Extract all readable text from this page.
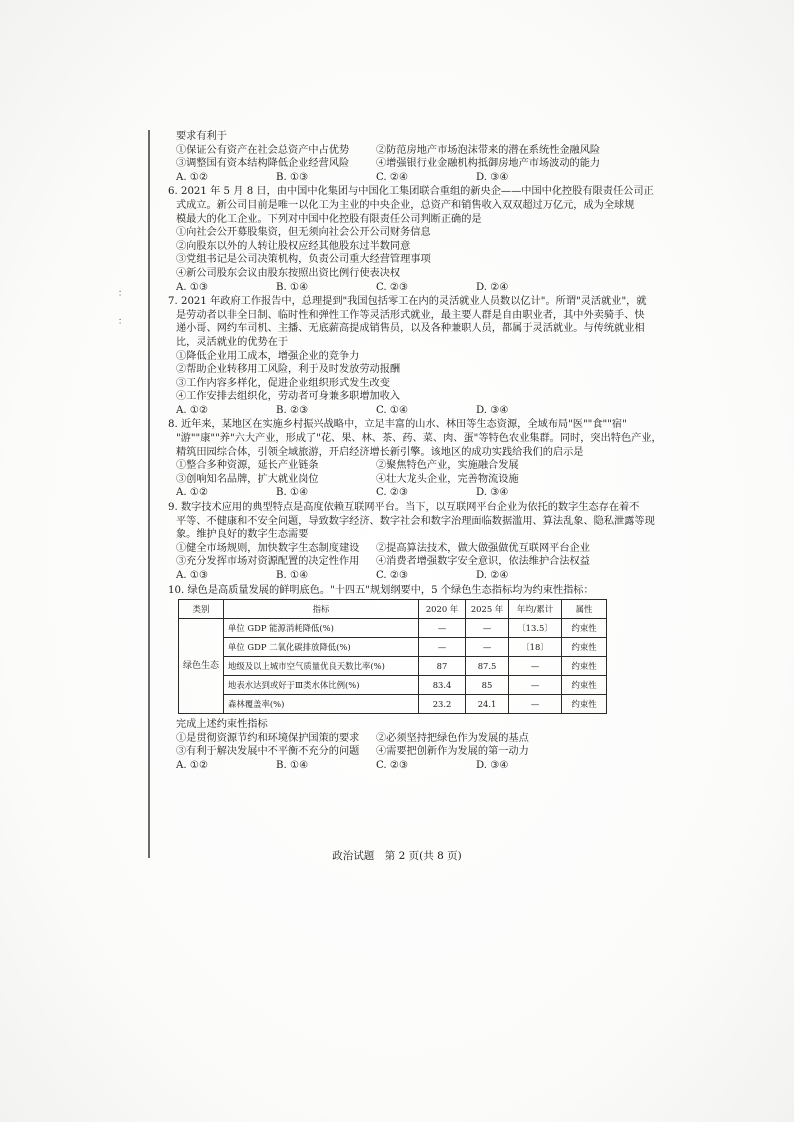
：
：
要求有利于
①保证公有资产在社会总资产中占优势	②防范房地产市场泡沫带来的潜在系统性金融风险
③调整国有资本结构降低企业经营风险	④增强银行业金融机构抵御房地产市场波动的能力
A. ①②	B. ①③	C. ②④	D. ③④
6. 2021 年 5 月 8 日，由中国中化集团与中国化工集团联合重组的新央企——中国中化控股有限责任公司正
式成立。新公司目前是唯一以化工为主业的中央企业，总资产和销售收入双双超过万亿元，成为全球规
模最大的化工企业。下列对中国中化控股有限责任公司判断正确的是
①向社会公开募股集资，但无须向社会公开公司财务信息
②向股东以外的人转让股权应经其他股东过半数同意
③党组书记是公司决策机构，负责公司重大经营管理事项
④新公司股东会议由股东按照出资比例行使表决权
A. ①③	B. ①④	C. ②③	D. ②④
7. 2021 年政府工作报告中，总理提到"我国包括零工在内的灵活就业人员数以亿计"。所谓"灵活就业"，就
是劳动者以非全日制、临时性和弹性工作等灵活形式就业，最主要人群是自由职业者，其中外卖骑手、快
递小哥、网约车司机、主播、无底薪高提成销售员，以及各种兼职人员，都属于灵活就业。与传统就业相
比，灵活就业的优势在于
①降低企业用工成本，增强企业的竞争力
②帮助企业转移用工风险，利于及时发放劳动报酬
③工作内容多样化，促进企业组织形式发生改变
④工作安排去组织化，劳动者可身兼多职增加收入
A. ①②	B. ②③	C. ①④	D. ③④
8. 近年来，某地区在实施乡村振兴战略中，立足丰富的山水、林田等生态资源，全域布局"医""食""宿"
"游""康""养"六大产业，形成了"花、果、林、茶、药、菜、肉、蛋"等特色农业集群。同时，突出特色产业，
精筑田园综合体，引领全域旅游，开启经济增长新引擎。该地区的成功实践给我们的启示是
①整合多种资源，延长产业链条	②聚焦特色产业，实施融合发展
③创响知名品牌，扩大就业岗位	④壮大龙头企业，完善物流设施
A. ①②	B. ①④	C. ②③	D. ③④
9. 数字技术应用的典型特点是高度依赖互联网平台。当下，以互联网平台企业为依托的数字生态存在着不
平等、不健康和不安全问题，导致数字经济、数字社会和数字治理面临数据滥用、算法乱象、隐私泄露等现
象。维护良好的数字生态需要
①健全市场规则，加快数字生态制度建设	②提高算法技术，做大做强做优互联网平台企业
③充分发挥市场对资源配置的决定性作用	④消费者增强数字安全意识，依法维护合法权益
A. ①③	B. ①④	C. ②③	D. ②④
10. 绿色是高质量发展的鲜明底色。"十四五"规划纲要中，5 个绿色生态指标均为约束性指标：
类别	指标	2020 年	2025 年	年均/累计	属性
绿色生态	单位 GDP 能源消耗降低(%)	—	—	〔13.5〕	约束性
	单位 GDP 二氧化碳排放降低(%)	—	—	〔18〕	约束性
	地级及以上城市空气质量优良天数比率(%)	87	87.5	—	约束性
	地表水达到或好于Ⅲ类水体比例(%)	83.4	85	—	约束性
	森林覆盖率(%)	23.2	24.1	—	约束性
完成上述约束性指标
①是贯彻资源节约和环境保护国策的要求	②必须坚持把绿色作为发展的基点
③有利于解决发展中不平衡不充分的问题	④需要把创新作为发展的第一动力
A. ①②	B. ①④	C. ②③	D. ③④
政治试题　第 2 页(共 8 页)
